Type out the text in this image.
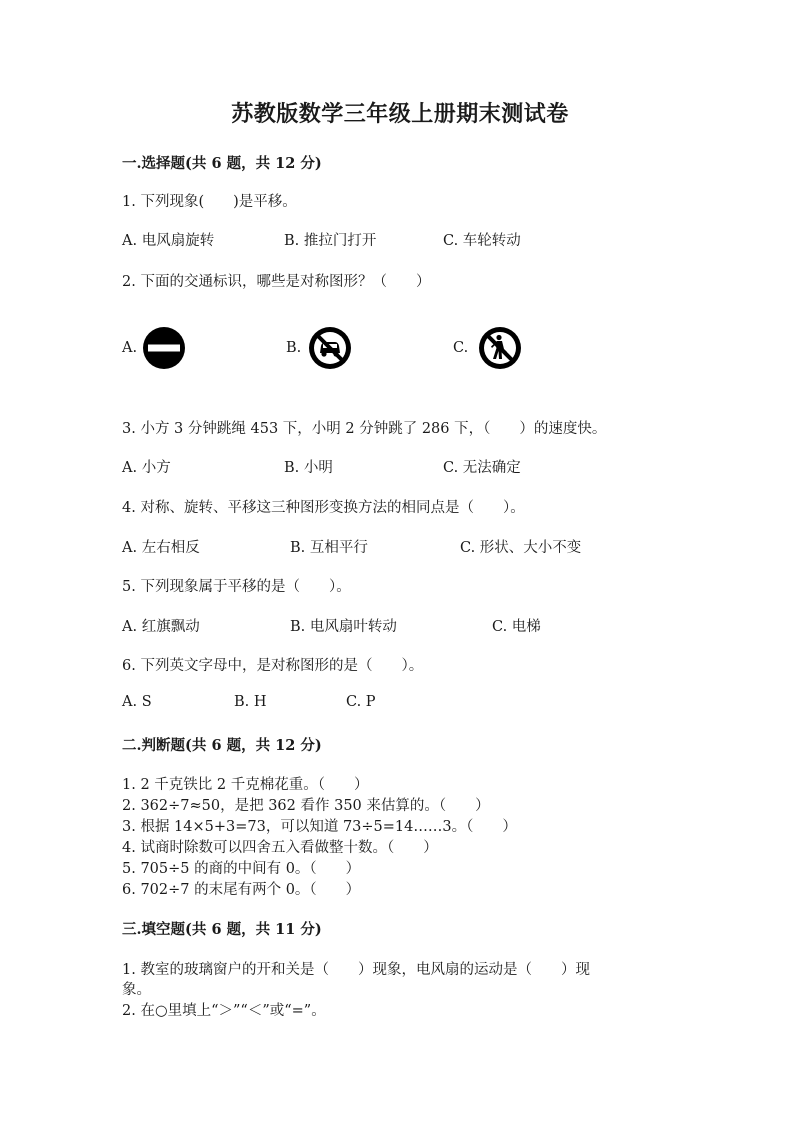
苏教版数学三年级上册期末测试卷
一.选择题(共 6 题，共 12 分)
1. 下列现象(　　)是平移。
A. 电风扇旋转	B. 推拉门打开	C. 车轮转动
2. 下面的交通标识，哪些是对称图形？（　　）
A.	B.	C.
3. 小方 3 分钟跳绳 453 下，小明 2 分钟跳了 286 下，（　　）的速度快。
A. 小方	B. 小明	C. 无法确定
4. 对称、旋转、平移这三种图形变换方法的相同点是（　　）。
A. 左右相反	B. 互相平行	C. 形状、大小不变
5. 下列现象属于平移的是（　　）。
A. 红旗飘动	B. 电风扇叶转动	C. 电梯
6. 下列英文字母中，是对称图形的是（　　）。
A. S	B. H	C. P
二.判断题(共 6 题，共 12 分)
1. 2 千克铁比 2 千克棉花重。（　　）
2. 362÷7≈50，是把 362 看作 350 来估算的。（　　）
3. 根据 14×5+3=73，可以知道 73÷5=14……3。（　　）
4. 试商时除数可以四舍五入看做整十数。（　　）
5. 705÷5 的商的中间有 0。（　　）
6. 702÷7 的末尾有两个 0。（　　）
三.填空题(共 6 题，共 11 分)
1. 教室的玻璃窗户的开和关是（　　）现象，电风扇的运动是（　　）现
象。
2. 在○里填上“＞”“＜”或“=”。
